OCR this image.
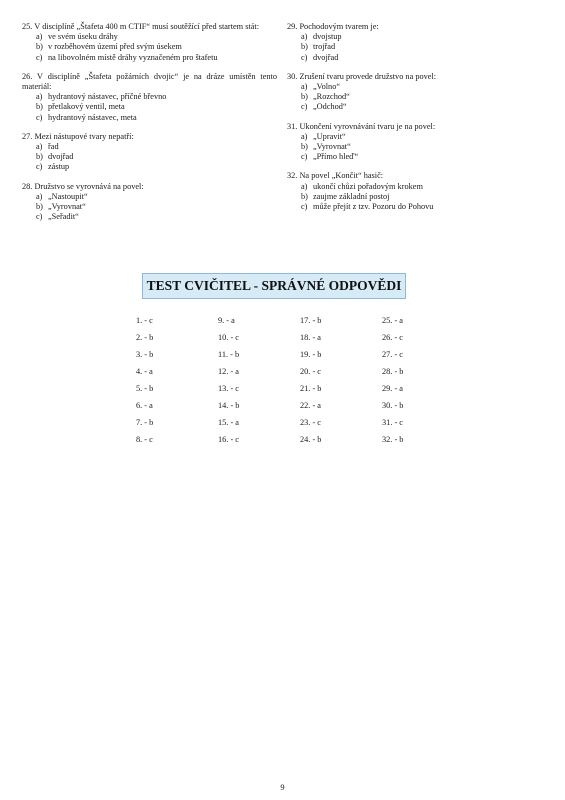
25. V disciplíně „Štafeta 400 m CTIF“ musí soutěžící před startem stát:
a) ve svém úseku dráhy
b) v rozběhovém území před svým úsekem
c) na libovolném místě dráhy vyznačeném pro štafetu
26. V disciplíně „Štafeta požárních dvojic“ je na dráze umístěn tento materiál:
a) hydrantový nástavec, příčné břevno
b) přetlakový ventil, meta
c) hydrantový nástavec, meta
27. Mezi nástupové tvary nepatří:
a) řad
b) dvojřad
c) zástup
28. Družstvo se vyrovnává na povel:
a) „Nastoupit“
b) „Vyrovnat“
c) „Seřadit“
29. Pochodovým tvarem je:
a) dvojstup
b) trojřad
c) dvojřad
30. Zrušení tvaru provede družstvo na povel:
a) „Volno“
b) „Rozchod“
c) „Odchod“
31. Ukončení vyrovnávání tvaru je na povel:
a) „Upravit“
b) „Vyrovnat“
c) „Přímo hleď“
32. Na povel „Končit“ hasič:
a) ukončí chůzi pořadovým krokem
b) zaujme základní postoj
c) může přejít z tzv. Pozoru do Pohovu
TEST CVIČITEL - SPRÁVNÉ ODPOVĚDI
1. - c	9. - a	17. - b	25. - a
2. - b	10. - c	18. - a	26. - c
3. - b	11. - b	19. - b	27. - c
4. - a	12. - a	20. - c	28. - b
5. - b	13. - c	21. - b	29. - a
6. - a	14. - b	22. - a	30. - b
7. - b	15. - a	23. - c	31. - c
8. - c	16. - c	24. - b	32. - b
9
